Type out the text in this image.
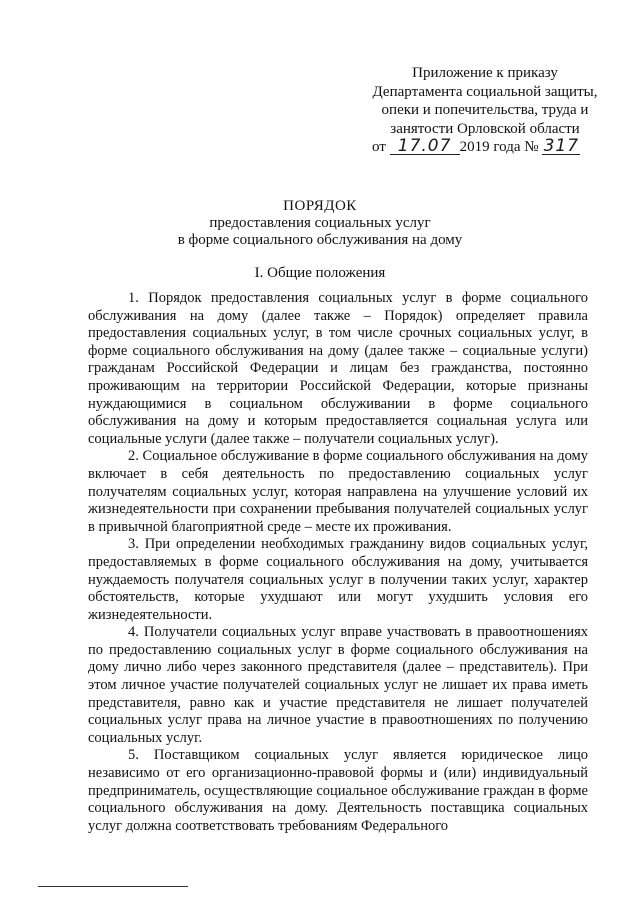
Приложение к приказу
Департамента социальной защиты,
опеки и попечительства, труда и
занятости Орловской области
от 17.07 2019 года № 317
ПОРЯДОК
предоставления социальных услуг
в форме социального обслуживания на дому
I. Общие положения

1. Порядок предоставления социальных услуг в форме социального обслуживания на дому (далее также – Порядок) определяет правила предоставления социальных услуг, в том числе срочных социальных услуг, в форме социального обслуживания на дому (далее также – социальные услуги) гражданам Российской Федерации и лицам без гражданства, постоянно проживающим на территории Российской Федерации, которые признаны нуждающимися в социальном обслуживании в форме социального обслуживания на дому и которым предоставляется социальная услуга или социальные услуги (далее также – получатели социальных услуг).

2. Социальное обслуживание в форме социального обслуживания на дому включает в себя деятельность по предоставлению социальных услуг получателям социальных услуг, которая направлена на улучшение условий их жизнедеятельности при сохранении пребывания получателей социальных услуг в привычной благоприятной среде – месте их проживания.

3. При определении необходимых гражданину видов социальных услуг, предоставляемых в форме социального обслуживания на дому, учитывается нуждаемость получателя социальных услуг в получении таких услуг, характер обстоятельств, которые ухудшают или могут ухудшить условия его жизнедеятельности.

4. Получатели социальных услуг вправе участвовать в правоотношениях по предоставлению социальных услуг в форме социального обслуживания на дому лично либо через законного представителя (далее – представитель). При этом личное участие получателей социальных услуг не лишает их права иметь представителя, равно как и участие представителя не лишает получателей социальных услуг права на личное участие в правоотношениях по получению социальных услуг.

5. Поставщиком социальных услуг является юридическое лицо независимо от его организационно-правовой формы и (или) индивидуальный предприниматель, осуществляющие социальное обслуживание граждан в форме социального обслуживания на дому. Деятельность поставщика социальных услуг должна соответствовать требованиям Федерального
